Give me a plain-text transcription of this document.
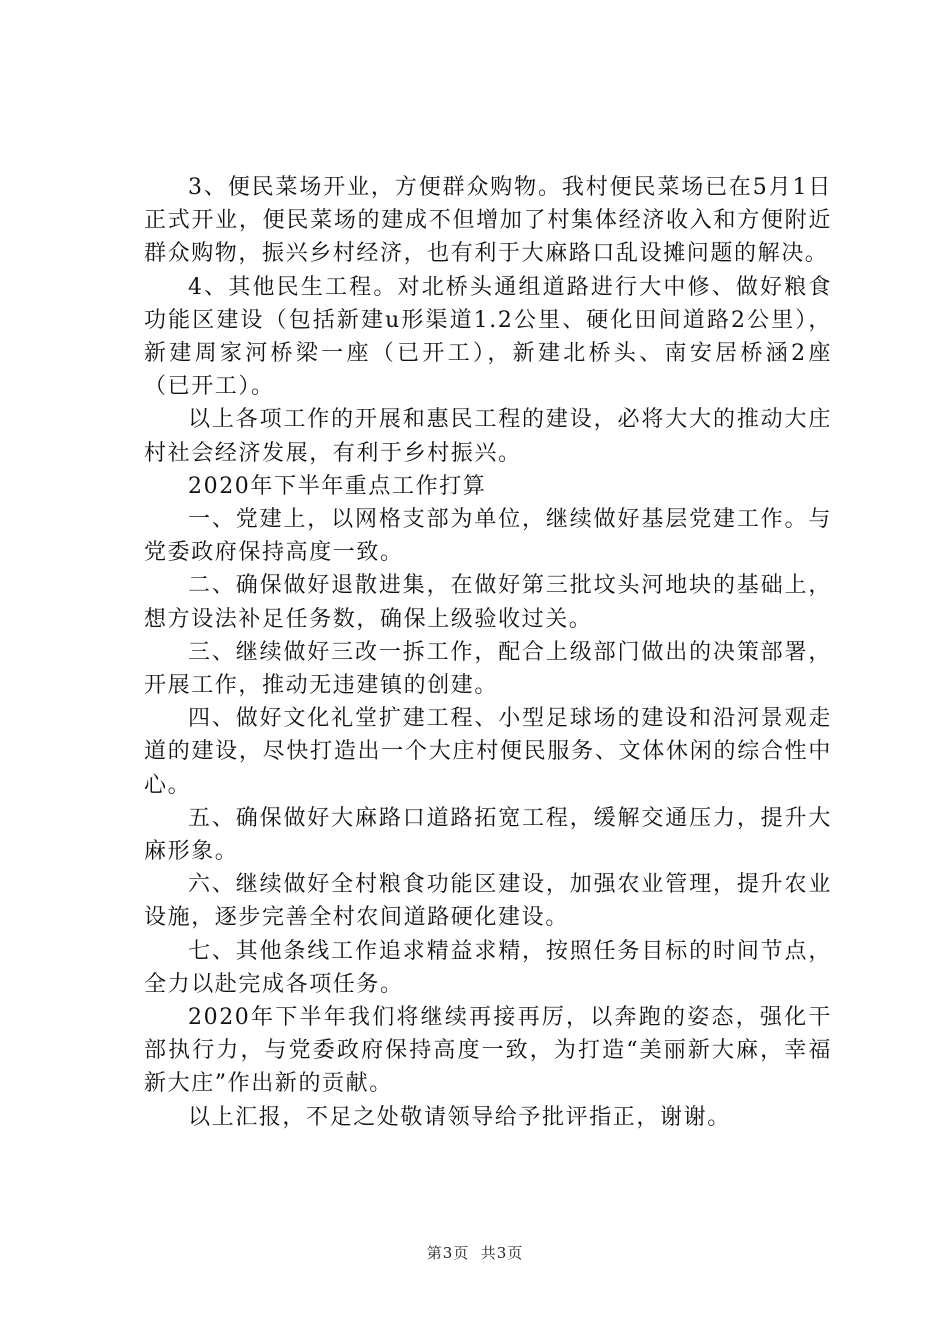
3、便民菜场开业，方便群众购物。我村便民菜场已在5月1日正式开业，便民菜场的建成不但增加了村集体经济收入和方便附近群众购物，振兴乡村经济，也有利于大麻路口乱设摊问题的解决。

4、其他民生工程。对北桥头通组道路进行大中修、做好粮食功能区建设（包括新建u形渠道1.2公里、硬化田间道路2公里），新建周家河桥梁一座（已开工），新建北桥头、南安居桥涵2座（已开工）。

以上各项工作的开展和惠民工程的建设，必将大大的推动大庄村社会经济发展，有利于乡村振兴。

2020年下半年重点工作打算

一、党建上，以网格支部为单位，继续做好基层党建工作。与党委政府保持高度一致。

二、确保做好退散进集，在做好第三批坟头河地块的基础上，想方设法补足任务数，确保上级验收过关。

三、继续做好三改一拆工作，配合上级部门做出的决策部署，开展工作，推动无违建镇的创建。

四、做好文化礼堂扩建工程、小型足球场的建设和沿河景观走道的建设，尽快打造出一个大庄村便民服务、文体休闲的综合性中心。

五、确保做好大麻路口道路拓宽工程，缓解交通压力，提升大麻形象。

六、继续做好全村粮食功能区建设，加强农业管理，提升农业设施，逐步完善全村农间道路硬化建设。

七、其他条线工作追求精益求精，按照任务目标的时间节点，全力以赴完成各项任务。

2020年下半年我们将继续再接再厉，以奔跑的姿态，强化干部执行力，与党委政府保持高度一致，为打造“美丽新大麻，幸福新大庄”作出新的贡献。

以上汇报，不足之处敬请领导给予批评指正，谢谢。

第3页  共3页
